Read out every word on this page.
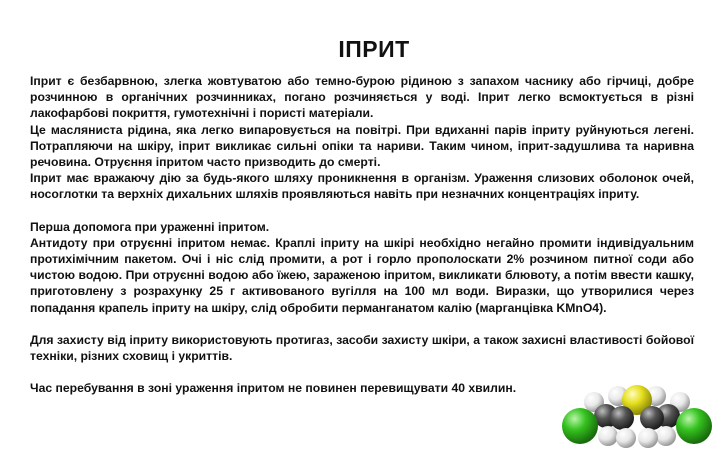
ІПРИТ

Іприт є безбарвною, злегка жовтуватою або темно-бурою рідиною з запахом часнику або гірчиці, добре розчинною в органічних розчинниках, погано розчиняється у воді. Іприт легко всмоктується в різні лакофарбові покриття, гумотехнічні і пористі матеріали.

Це масляниста рідина, яка легко випаровується на повітрі. При вдиханні парів іприту руйнуються легені. Потрапляючи на шкіру, іприт викликає сильні опіки та нариви. Таким чином, іприт-задушлива та наривна речовина. Отруєння іпритом часто призводить до смерті.

Іприт має вражаючу дію за будь-якого шляху проникнення в організм. Ураження слизових оболонок очей, носоглотки та верхніх дихальних шляхів проявляються навіть при незначних концентраціях іприту.

Перша допомога при ураженні іпритом.

Антидоту при отруєнні іпритом немає. Краплі іприту на шкірі необхідно негайно промити індивідуальним протихімічним пакетом. Очі і ніс слід промити, а рот і горло прополоскати 2% розчином питної соди або чистою водою. При отруєнні водою або їжею, зараженою іпритом, викликати блювоту, а потім ввести кашку, приготовлену з розрахунку 25 г активованого вугілля на 100 мл води. Виразки, що утворилися через попадання крапель іприту на шкіру, слід обробити перманганатом калію (марганцівка KMnO4).

Для захисту від іприту використовують протигаз, засоби захисту шкіри, а також захисні властивості бойової техніки, різних сховищ і укриттів.

Час перебування в зоні ураження іпритом не повинен перевищувати 40 хвилин.
